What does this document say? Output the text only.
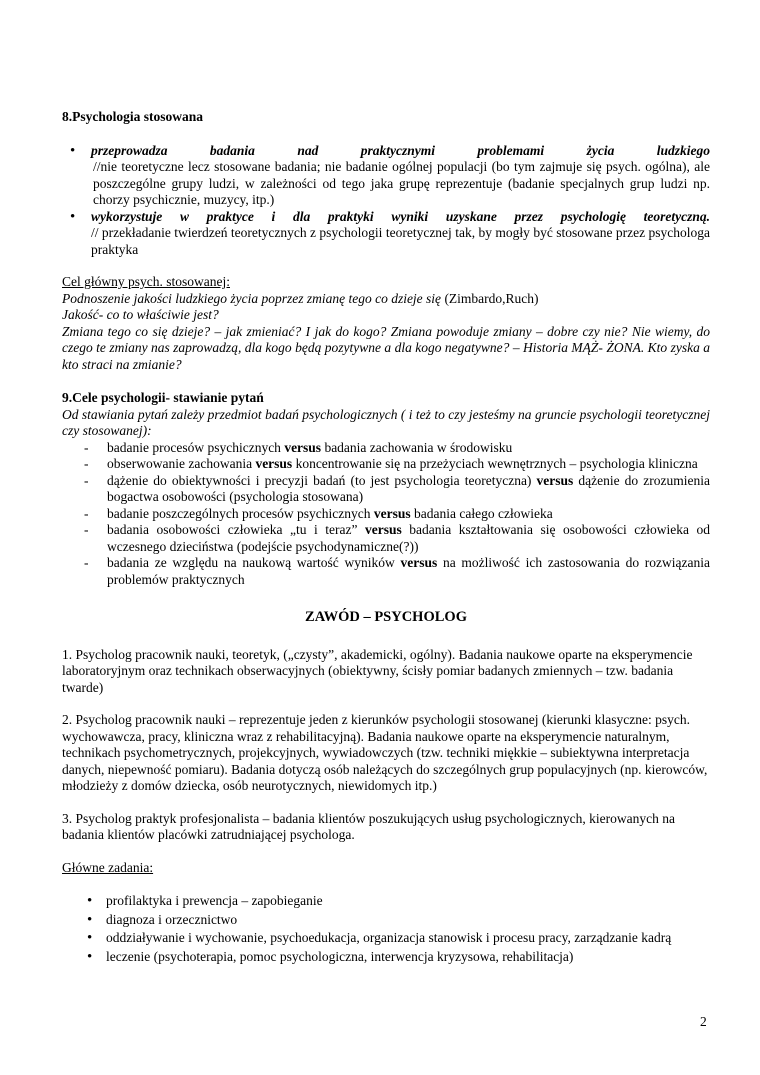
8.Psychologia stosowana
• przeprowadza badania nad praktycznymi problemami życia ludzkiego
//nie teoretyczne lecz stosowane badania; nie badanie ogólnej populacji (bo tym zajmuje się psych. ogólna), ale poszczególne grupy ludzi, w zależności od tego jaka grupę reprezentuje (badanie specjalnych grup ludzi np. chorzy psychicznie, muzycy, itp.)
• wykorzystuje w praktyce i dla praktyki wyniki uzyskane przez psychologię teoretyczną.
// przekładanie twierdzeń teoretycznych z psychologii teoretycznej tak, by mogły być stosowane przez psychologa praktyka
Cel główny psych. stosowanej:
Podnoszenie jakości ludzkiego życia poprzez zmianę tego co dzieje się (Zimbardo,Ruch)
Jakość- co to właściwie jest?
Zmiana tego co się dzieje? – jak zmieniać? I jak do kogo? Zmiana powoduje zmiany – dobre czy nie? Nie wiemy, do czego te zmiany nas zaprowadzą, dla kogo będą pozytywne a dla kogo negatywne? – Historia MĄŻ- ŻONA. Kto zyska a kto straci na zmianie?
9.Cele psychologii- stawianie pytań
Od stawiania pytań zależy przedmiot badań psychologicznych ( i też to czy jesteśmy na gruncie psychologii teoretycznej czy stosowanej):
- badanie procesów psychicznych versus badania zachowania w środowisku
- obserwowanie zachowania versus koncentrowanie się na przeżyciach wewnętrznych – psychologia kliniczna
- dążenie do obiektywności i precyzji badań (to jest psychologia teoretyczna) versus dążenie do zrozumienia bogactwa osobowości (psychologia stosowana)
- badanie poszczególnych procesów psychicznych versus badania całego człowieka
- badania osobowości człowieka „tu i teraz” versus badania kształtowania się osobowości człowieka od wczesnego dzieciństwa (podejście psychodynamiczne(?))
- badania ze względu na naukową wartość wyników versus na możliwość ich zastosowania do rozwiązania problemów praktycznych
ZAWÓD – PSYCHOLOG
1. Psycholog pracownik nauki, teoretyk, („czysty”, akademicki, ogólny). Badania naukowe oparte na eksperymencie laboratoryjnym oraz technikach obserwacyjnych (obiektywny, ścisły pomiar badanych zmiennych – tzw. badania twarde)
2. Psycholog pracownik nauki – reprezentuje jeden z kierunków psychologii stosowanej (kierunki klasyczne: psych. wychowawcza, pracy, kliniczna wraz z rehabilitacyjną). Badania naukowe oparte na eksperymencie naturalnym, technikach psychometrycznych, projekcyjnych, wywiadowczych (tzw. techniki miękkie – subiektywna interpretacja danych, niepewność pomiaru). Badania dotyczą osób należących do szczególnych grup populacyjnych (np. kierowców, młodzieży z domów dziecka, osób neurotycznych, niewidomych itp.)
3. Psycholog praktyk profesjonalista – badania klientów poszukujących usług psychologicznych, kierowanych na badania klientów placówki zatrudniającej psychologa.
Główne zadania:
• profilaktyka i prewencja – zapobieganie
• diagnoza i orzecznictwo
• oddziaływanie i wychowanie, psychoedukacja, organizacja stanowisk i procesu pracy, zarządzanie kadrą
• leczenie (psychoterapia, pomoc psychologiczna, interwencja kryzysowa, rehabilitacja)
2
